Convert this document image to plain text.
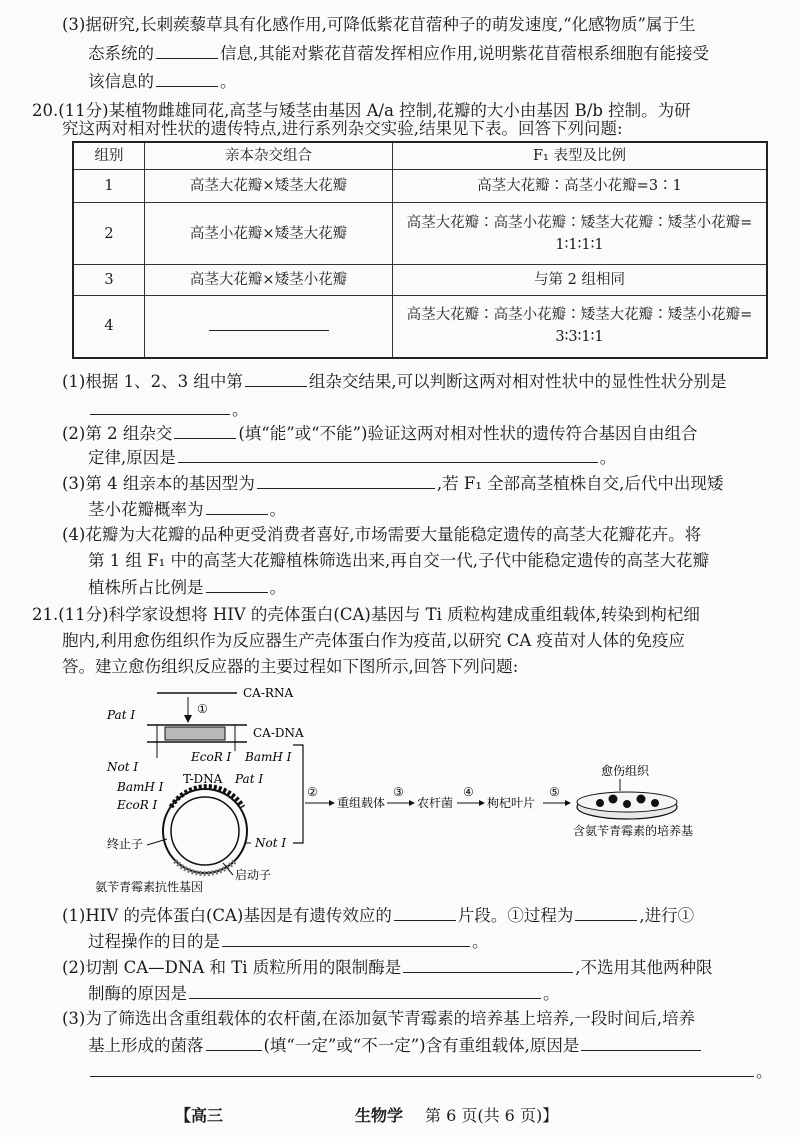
(3)据研究,长刺蒺藜草具有化感作用,可降低紫花苜蓿种子的萌发速度,“化感物质”属于生
态系统的	信息,其能对紫花苜蓿发挥相应作用,说明紫花苜蓿根系细胞有能接受
该信息的	。
20.(11分)某植物雌雄同花,高茎与矮茎由基因 A/a 控制,花瓣的大小由基因 B/b 控制。为研
究这两对相对性状的遗传特点,进行系列杂交实验,结果见下表。回答下列问题:
组别	亲本杂交组合	F₁ 表型及比例
1	高茎大花瓣×矮茎大花瓣	高茎大花瓣∶高茎小花瓣=3∶1

2	高茎小花瓣×矮茎大花瓣	高茎大花瓣∶高茎小花瓣∶矮茎大花瓣∶矮茎小花瓣=
1∶1∶1∶1

3	高茎大花瓣×矮茎小花瓣	与第 2 组相同

4		高茎大花瓣∶高茎小花瓣∶矮茎大花瓣∶矮茎小花瓣=
3∶3∶1∶1
(1)根据 1、2、3 组中第	组杂交结果,可以判断这两对相对性状中的显性性状分别是
。
(2)第 2 组杂交	(填“能”或“不能”)验证这两对相对性状的遗传符合基因自由组合
定律,原因是	。
(3)第 4 组亲本的基因型为	,若 F₁ 全部高茎植株自交,后代中出现矮
茎小花瓣概率为	。
(4)花瓣为大花瓣的品种更受消费者喜好,市场需要大量能稳定遗传的高茎大花瓣花卉。将
第 1 组 F₁ 中的高茎大花瓣植株筛选出来,再自交一代,子代中能稳定遗传的高茎大花瓣
植株所占比例是	。
21.(11分)科学家设想将 HIV 的壳体蛋白(CA)基因与 Ti 质粒构建成重组载体,转染到枸杞细
胞内,利用愈伤组织作为反应器生产壳体蛋白作为疫苗,以研究 CA 疫苗对人体的免疫应
答。建立愈伤组织反应器的主要过程如下图所示,回答下列问题:
CA-RNA
①
Pat I
CA-DNA
EcoR I BamH I
Not I
BamH I
EcoR I
T-DNA Pat I
终止子
启动子
氨苄青霉素抗性基因
Not I
②
重组载体
③
农杆菌
④
枸杞叶片
⑤
愈伤组织
含氨苄青霉素的培养基
(1)HIV 的壳体蛋白(CA)基因是有遗传效应的	片段。①过程为	,进行①
过程操作的目的是	。
(2)切割 CA—DNA 和 Ti 质粒所用的限制酶是	,不选用其他两种限
制酶的原因是	。
(3)为了筛选出含重组载体的农杆菌,在添加氨苄青霉素的培养基上培养,一段时间后,培养
基上形成的菌落	(填“一定”或“不一定”)含有重组载体,原因是
。
【高三	生物学 第 6 页(共 6 页)】
